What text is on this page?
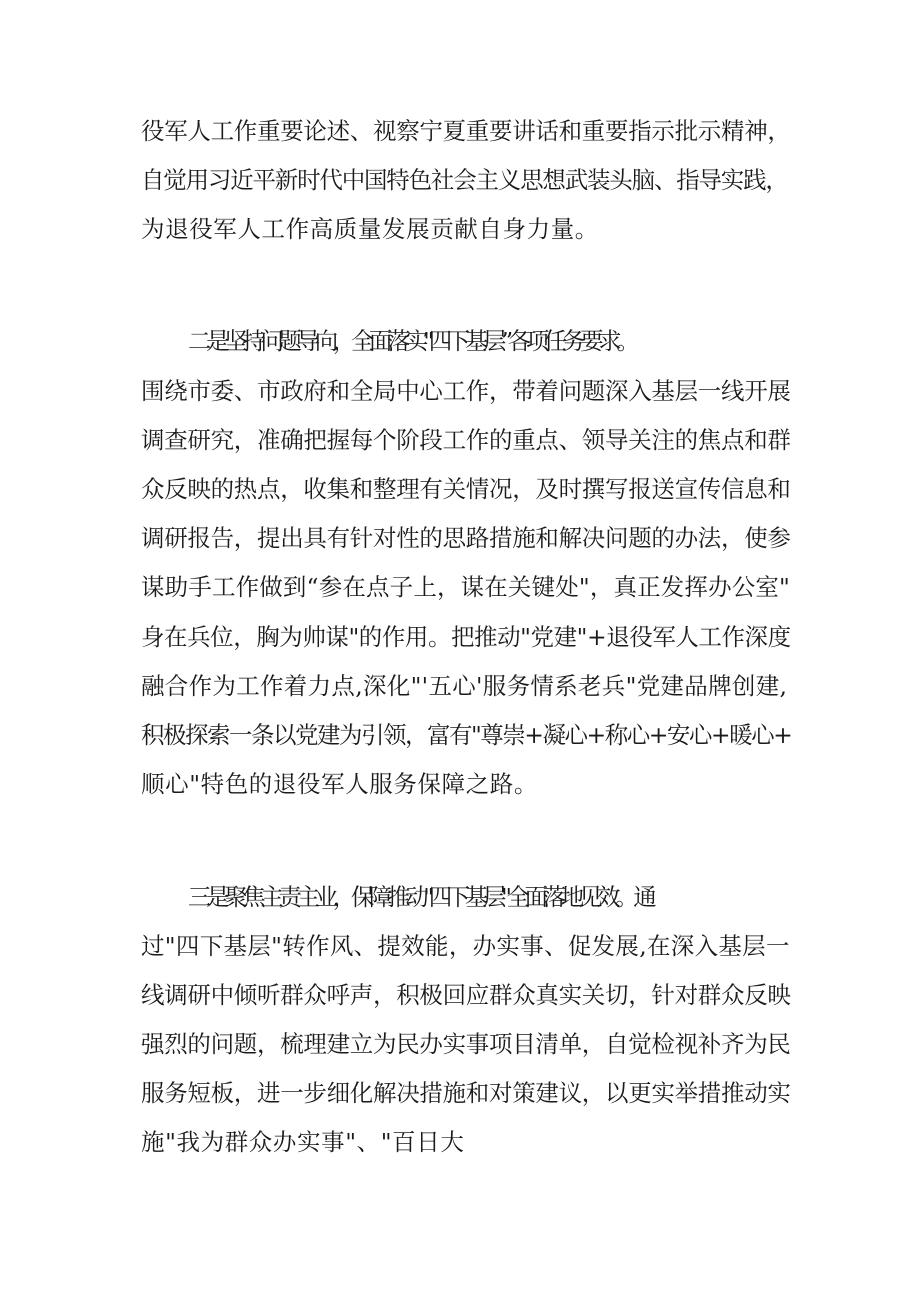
役军人工作重要论述、视察宁夏重要讲话和重要指示批示精神，
自觉用习近平新时代中国特色社会主义思想武装头脑、指导实践，
为退役军人工作高质量发展贡献自身力量。
二是坚持问题导向，全面落实"四下基层”各项任务要求。
围绕市委、市政府和全局中心工作，带着问题深入基层一线开展
调查研究，准确把握每个阶段工作的重点、领导关注的焦点和群
众反映的热点，收集和整理有关情况，及时撰写报送宣传信息和
调研报告，提出具有针对性的思路措施和解决问题的办法，使参
谋助手工作做到“参在点子上，谋在关键处"，真正发挥办公室"
身在兵位，胸为帅谋"的作用。把推动"党建"+退役军人工作深度
融合作为工作着力点,深化"'五心'服务情系老兵"党建品牌创建,
积极探索一条以党建为引领，富有"尊崇+凝心+称心+安心+暖心+
顺心"特色的退役军人服务保障之路。
三是聚焦主责主业，保障推动"四下基层"全面落地见效。通
过"四下基层"转作风、提效能，办实事、促发展,在深入基层一
线调研中倾听群众呼声，积极回应群众真实关切，针对群众反映
强烈的问题，梳理建立为民办实事项目清单，自觉检视补齐为民
服务短板，进一步细化解决措施和对策建议，以更实举措推动实
施"我为群众办实事"、"百日大
